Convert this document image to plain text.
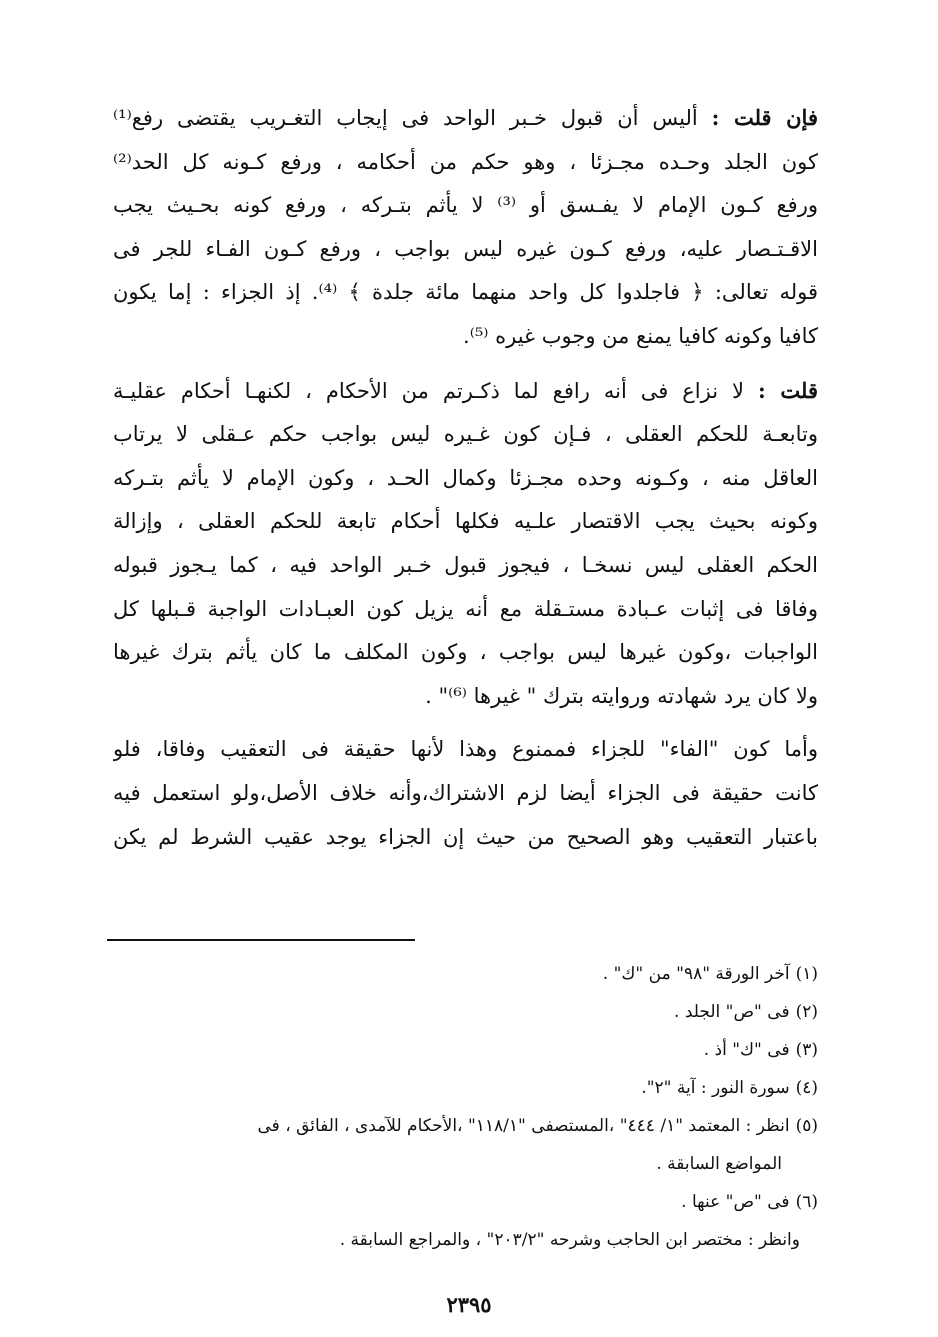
فإن قلت : أليس أن قبول خـبر الواحد فى إيجاب التغـريب يقتضى رفع⁽¹⁾
كون الجلد وحـده مجـزئا ، وهو حكم من أحكامه ، ورفع كـونه كل الحد⁽²⁾
ورفع كـون الإمام لا يفـسق أو ⁽³⁾ لا يأثم بتـركه ، ورفع كونه بحـيث يجب
الاقـتـصار عليه، ورفع كـون غيره ليس بواجب ، ورفع كـون الفـاء للجر فى
قوله تعالى: ﴿ فاجلدوا كل واحد منهما مائة جلدة ﴾ ⁽⁴⁾. إذ الجزاء : إما يكون
كافيا وكونه كافيا يمنع من وجوب غيره ⁽⁵⁾.

قلت : لا نزاع فى أنه رافع لما ذكـرتم من الأحكام ، لكنهـا أحكام عقليـة
وتابعـة للحكم العقلى ، فـإن كون غـيره ليس بواجب حكم عـقلى لا يرتاب
العاقل منه ، وكـونه وحده مجـزئا وكمال الحـد ، وكون الإمام لا يأثم بتـركه
وكونه بحيث يجب الاقتصار علـيه فكلها أحكام تابعة للحكم العقلى ، وإزالة
الحكم العقلى ليس نسخـا ، فيجوز قبول خـبر الواحد فيه ، كما يـجوز قبوله
وفاقا فى إثبات عـبادة مستـقلة مع أنه يزيل كون العبـادات الواجبة قـبلها كل
الواجبات ،وكون غيرها ليس بواجب ، وكون المكلف ما كان يأثم بترك غيرها
ولا كان يرد شهادته وروايته بترك " غيرها ⁽⁶⁾" .

وأما كون "الفاء" للجزاء فممنوع وهذا لأنها حقيقة فى التعقيب وفاقا، فلو
كانت حقيقة فى الجزاء أيضا لزم الاشتراك،وأنه خلاف الأصل،ولو استعمل فيه
باعتبار التعقيب وهو الصحيح من حيث إن الجزاء يوجد عقيب الشرط لم يكن

(١)آخر الورقة "٩٨" من "ك" .
(٢)فى "ص" الجلد .
(٣)فى "ك" أذ .
(٤)سورة النور : آية "٢".
(٥)انظر : المعتمد "١/ ٤٤٤" ،المستصفى "١١٨/١" ،الأحكام للآمدى ، الفائق ، فى
المواضع السابقة .
(٦)فى "ص" عنها .
وانظر : مختصر ابن الحاجب وشرحه "٢٠٣/٢" ، والمراجع السابقة .
٢٣٩٥
